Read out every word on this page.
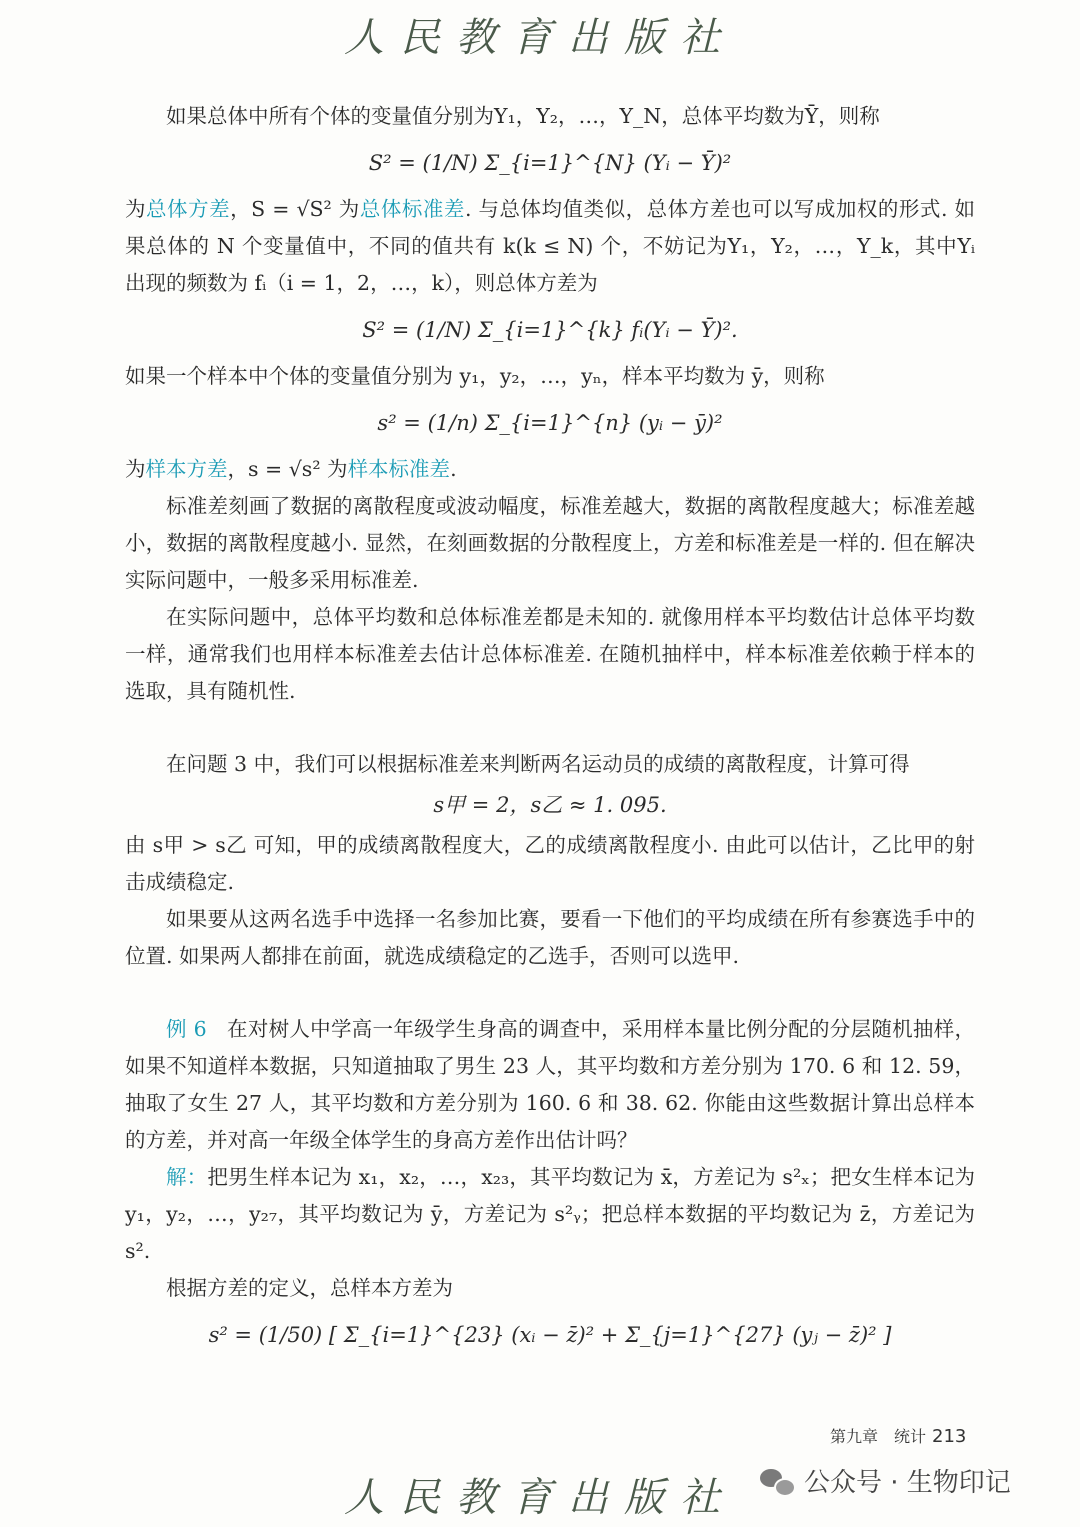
人民教育出版社

如果总体中所有个体的变量值分别为Y₁，Y₂，…，Y_N，总体平均数为Ȳ，则称

S² = (1/N) Σ_{i=1}^{N} (Yᵢ − Ȳ)²

为总体方差，S = √S² 为总体标准差. 与总体均值类似，总体方差也可以写成加权的形式. 如果总体的 N 个变量值中，不同的值共有 k(k ≤ N) 个，不妨记为Y₁，Y₂，…，Y_k，其中Yᵢ 出现的频数为 fᵢ（i = 1，2，…，k），则总体方差为

S² = (1/N) Σ_{i=1}^{k} fᵢ(Yᵢ − Ȳ)².

如果一个样本中个体的变量值分别为 y₁，y₂，…，yₙ，样本平均数为 ȳ，则称

s² = (1/n) Σ_{i=1}^{n} (yᵢ − ȳ)²

为样本方差，s = √s² 为样本标准差.

标准差刻画了数据的离散程度或波动幅度，标准差越大，数据的离散程度越大；标准差越小，数据的离散程度越小. 显然，在刻画数据的分散程度上，方差和标准差是一样的. 但在解决实际问题中，一般多采用标准差.

在实际问题中，总体平均数和总体标准差都是未知的. 就像用样本平均数估计总体平均数一样，通常我们也用样本标准差去估计总体标准差. 在随机抽样中，样本标准差依赖于样本的选取，具有随机性.

在问题 3 中，我们可以根据标准差来判断两名运动员的成绩的离散程度，计算可得

s甲 = 2，s乙 ≈ 1. 095.

由 s甲 > s乙 可知，甲的成绩离散程度大，乙的成绩离散程度小. 由此可以估计，乙比甲的射击成绩稳定.

如果要从这两名选手中选择一名参加比赛，要看一下他们的平均成绩在所有参赛选手中的位置. 如果两人都排在前面，就选成绩稳定的乙选手，否则可以选甲.

例 6 在对树人中学高一年级学生身高的调查中，采用样本量比例分配的分层随机抽样，如果不知道样本数据，只知道抽取了男生 23 人，其平均数和方差分别为 170. 6 和 12. 59，抽取了女生 27 人，其平均数和方差分别为 160. 6 和 38. 62. 你能由这些数据计算出总样本的方差，并对高一年级全体学生的身高方差作出估计吗？

解：把男生样本记为 x₁，x₂，…，x₂₃，其平均数记为 x̄，方差记为 s²ₓ；把女生样本记为 y₁，y₂，…，y₂₇，其平均数记为 ȳ，方差记为 s²ᵧ；把总样本数据的平均数记为 z̄，方差记为 s².

根据方差的定义，总样本方差为

s² = (1/50) [ Σ_{i=1}^{23} (xᵢ − z̄)² + Σ_{j=1}^{27} (yⱼ − z̄)² ]
第九章　统计 213
人民教育出版社	公众号 · 生物印记
